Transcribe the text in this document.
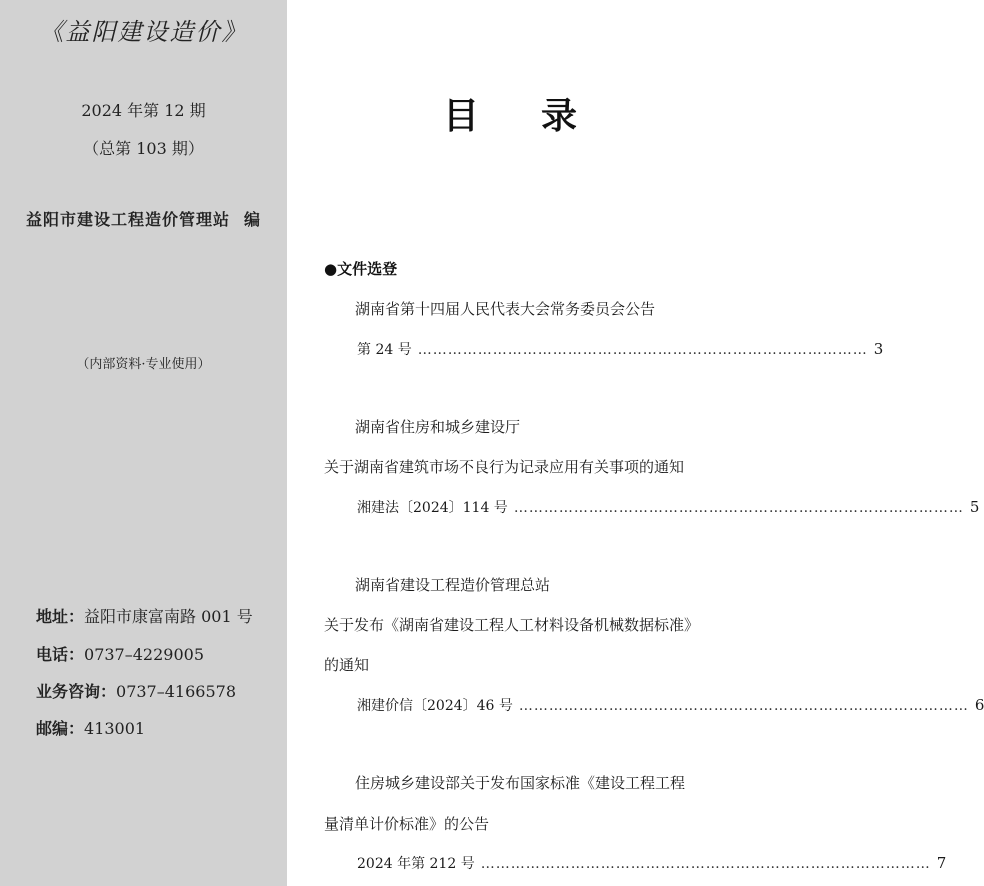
《益阳建设造价》
2024 年第 12 期
（总第 103 期）
益阳市建设工程造价管理站 编
（内部资料·专业使用）
地址：益阳市康富南路 001 号
电话：0737–4229005
业务咨询：0737–4166578
邮编：413001
目 录
●文件选登
湖南省第十四届人民代表大会常务委员会公告
第 24 号 ……………………………………………………………………………… 3
湖南省住房和城乡建设厅
关于湖南省建筑市场不良行为记录应用有关事项的通知
湘建法〔2024〕114 号 ……………………………………………………………………………… 5
湖南省建设工程造价管理总站
关于发布《湖南省建设工程人工材料设备机械数据标准》
的通知
湘建价信〔2024〕46 号 ……………………………………………………………………………… 6
住房城乡建设部关于发布国家标准《建设工程工程
量清单计价标准》的公告
2024 年第 212 号 ……………………………………………………………………………… 7
